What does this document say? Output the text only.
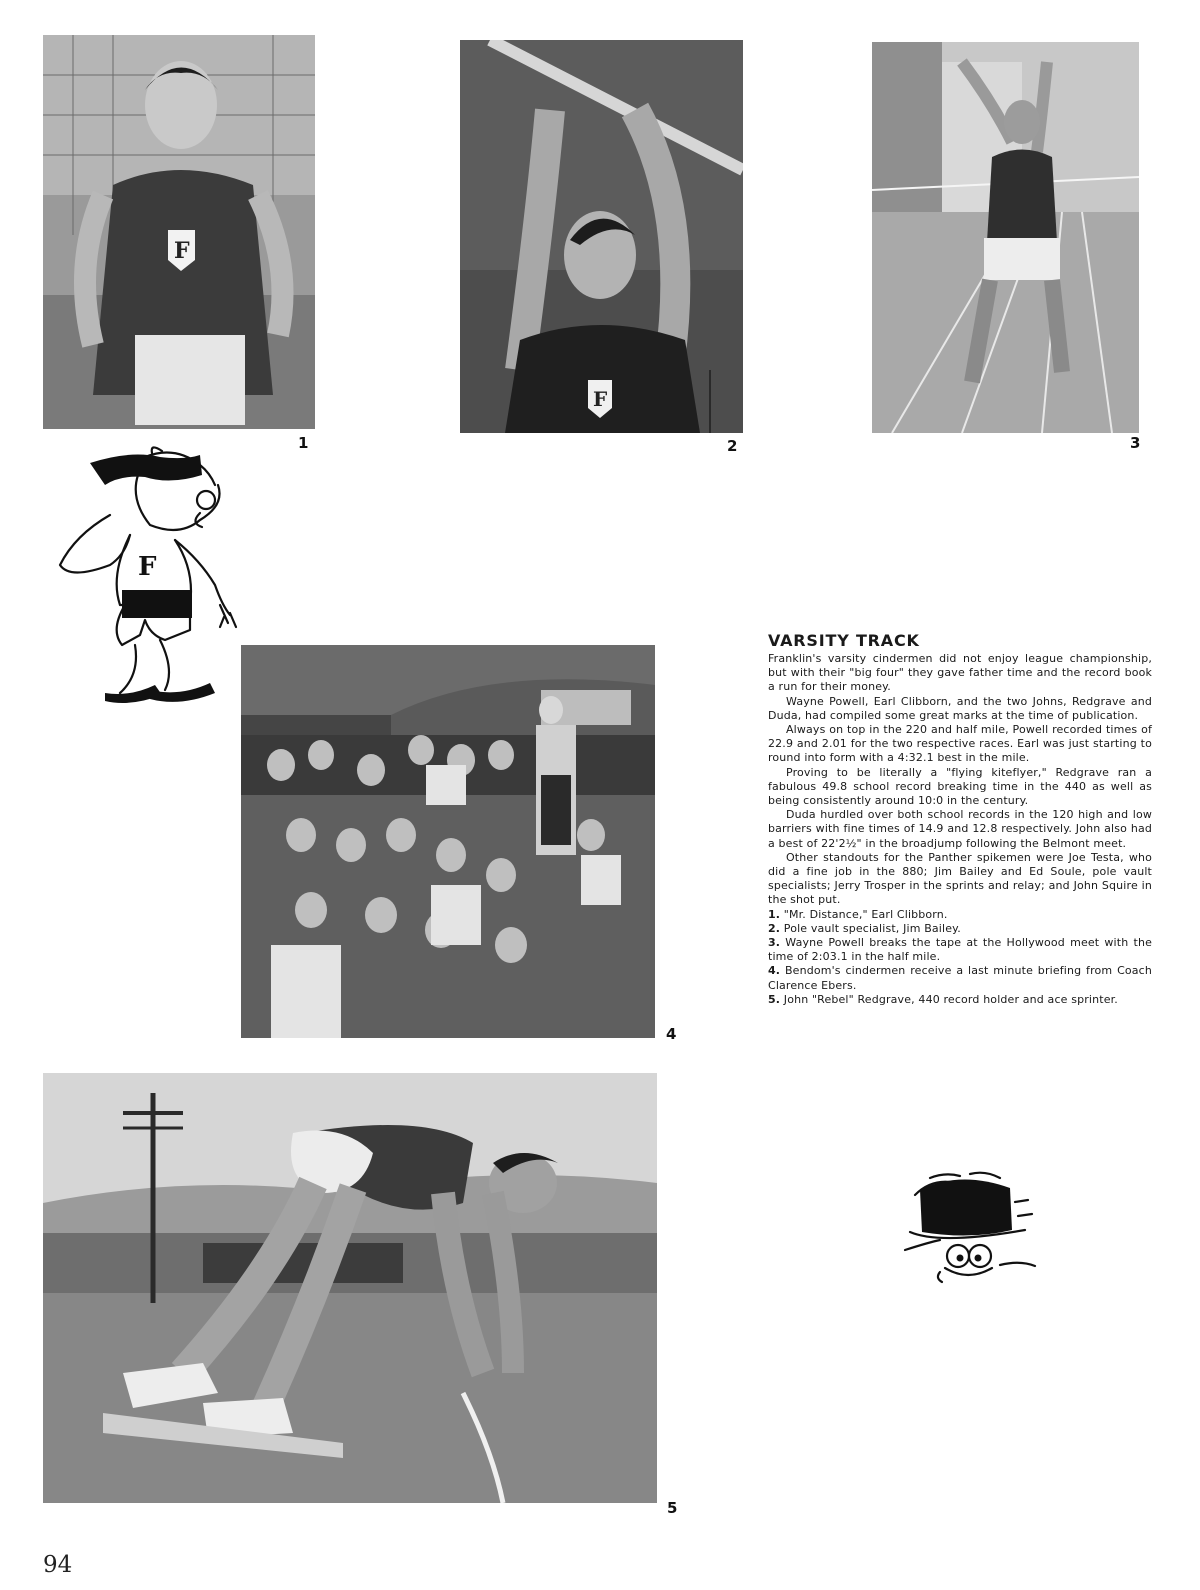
F
1
F
2	3
F
4
5
VARSITY TRACK

Franklin's varsity cindermen did not enjoy league championship, but with their "big four" they gave father time and the record book a run for their money.

Wayne Powell, Earl Clibborn, and the two Johns, Redgrave and Duda, had compiled some great marks at the time of publication.

Always on top in the 220 and half mile, Powell recorded times of 22.9 and 2.01 for the two respective races. Earl was just starting to round into form with a 4:32.1 best in the mile.

Proving to be literally a "flying kiteflyer," Redgrave ran a fabulous 49.8 school record breaking time in the 440 as well as being consistently around 10:0 in the century.

Duda hurdled over both school records in the 120 high and low barriers with fine times of 14.9 and 12.8 respectively. John also had a best of 22'2½" in the broadjump following the Belmont meet.

Other standouts for the Panther spikemen were Joe Testa, who did a fine job in the 880; Jim Bailey and Ed Soule, pole vault specialists; Jerry Trosper in the sprints and relay; and John Squire in the shot put.

1. "Mr. Distance," Earl Clibborn.

2. Pole vault specialist, Jim Bailey.

3. Wayne Powell breaks the tape at the Hollywood meet with the time of 2:03.1 in the half mile.

4. Bendom's cindermen receive a last minute briefing from Coach Clarence Ebers.

5. John "Rebel" Redgrave, 440 record holder and ace sprinter.

94
